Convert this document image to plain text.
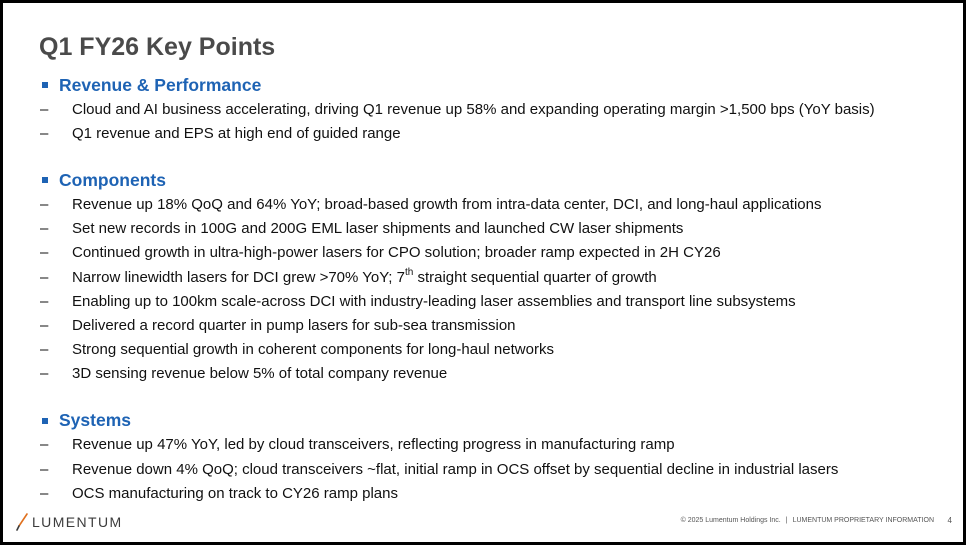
Q1 FY26 Key Points
Revenue & Performance
–	Cloud and AI business accelerating, driving Q1 revenue up 58% and expanding operating margin >1,500 bps (YoY basis)
–	Q1 revenue and EPS at high end of guided range
Components
–	Revenue up 18% QoQ and 64% YoY; broad-based growth from intra-data center, DCI, and long-haul applications
–	Set new records in 100G and 200G EML laser shipments and launched CW laser shipments
–	Continued growth in ultra-high-power lasers for CPO solution; broader ramp expected in 2H CY26
–	Narrow linewidth lasers for DCI grew >70% YoY; 7th straight sequential quarter of growth
–	Enabling up to 100km scale-across DCI with industry-leading laser assemblies and transport line subsystems
–	Delivered a record quarter in pump lasers for sub-sea transmission
–	Strong sequential growth in coherent components for long-haul networks
–	3D sensing revenue below 5% of total company revenue
Systems
–	Revenue up 47% YoY, led by cloud transceivers, reflecting progress in manufacturing ramp
–	Revenue down 4% QoQ; cloud transceivers ~flat, initial ramp in OCS offset by sequential decline in industrial lasers
–	OCS manufacturing on track to CY26 ramp plans
LUMENTUM	© 2025 Lumentum Holdings Inc. | LUMENTUM PROPRIETARY INFORMATION 4
